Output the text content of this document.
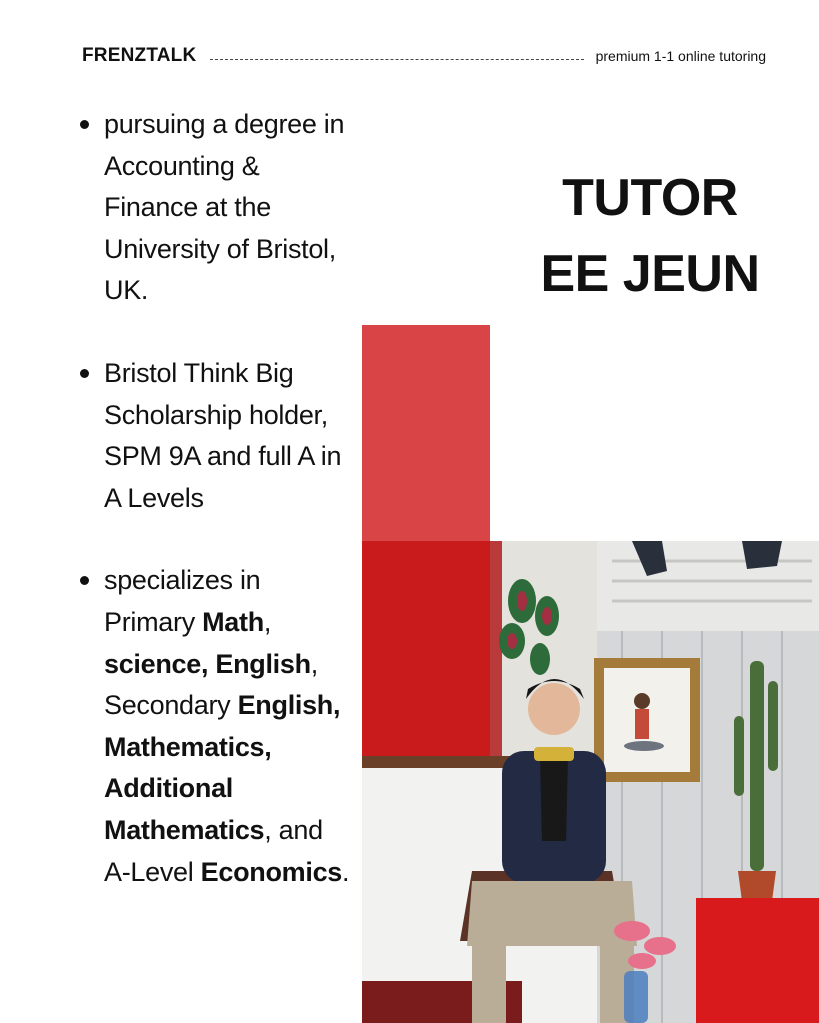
FRENZTALK	premium 1-1 online tutoring
pursuing a degree in Accounting & Finance at the University of Bristol, UK.
Bristol Think Big Scholarship holder, SPM 9A and full A in A Levels
specializes in Primary Math, science, English, Secondary English, Mathematics, Additional Mathematics, and A-Level Economics.
TUTOR
EE JEUN
